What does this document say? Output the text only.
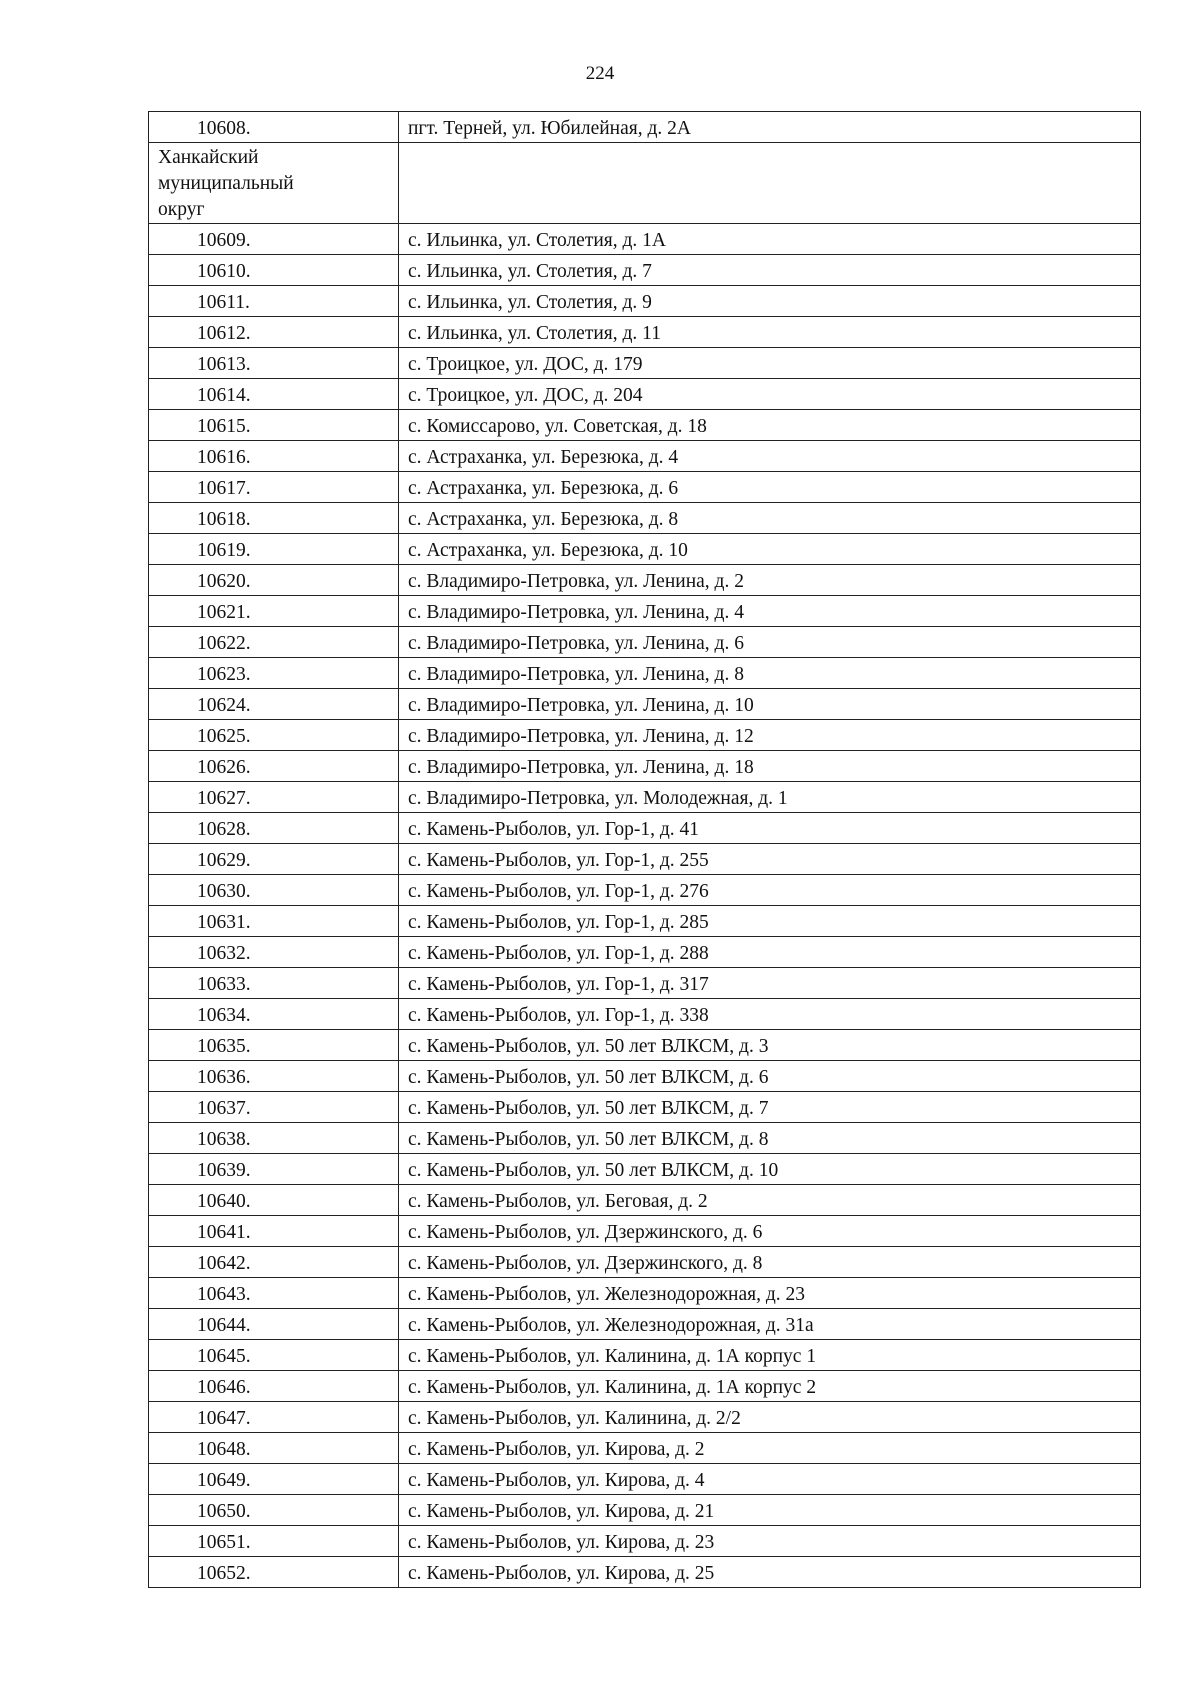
224
10608.	пгт. Терней, ул. Юбилейная, д. 2А

Ханкайский
муниципальный
округ	

10609.	с. Ильинка, ул. Столетия, д. 1А
10610.	с. Ильинка, ул. Столетия, д. 7
10611.	с. Ильинка, ул. Столетия, д. 9
10612.	с. Ильинка, ул. Столетия, д. 11
10613.	с. Троицкое, ул. ДОС, д. 179
10614.	с. Троицкое, ул. ДОС, д. 204
10615.	с. Комиссарово, ул. Советская, д. 18
10616.	с. Астраханка, ул. Березюка, д. 4
10617.	с. Астраханка, ул. Березюка, д. 6
10618.	с. Астраханка, ул. Березюка, д. 8
10619.	с. Астраханка, ул. Березюка, д. 10
10620.	с. Владимиро-Петровка, ул. Ленина, д. 2
10621.	с. Владимиро-Петровка, ул. Ленина, д. 4
10622.	с. Владимиро-Петровка, ул. Ленина, д. 6
10623.	с. Владимиро-Петровка, ул. Ленина, д. 8
10624.	с. Владимиро-Петровка, ул. Ленина, д. 10
10625.	с. Владимиро-Петровка, ул. Ленина, д. 12
10626.	с. Владимиро-Петровка, ул. Ленина, д. 18
10627.	с. Владимиро-Петровка, ул. Молодежная, д. 1
10628.	с. Камень-Рыболов, ул. Гор-1, д. 41
10629.	с. Камень-Рыболов, ул. Гор-1, д. 255
10630.	с. Камень-Рыболов, ул. Гор-1, д. 276
10631.	с. Камень-Рыболов, ул. Гор-1, д. 285
10632.	с. Камень-Рыболов, ул. Гор-1, д. 288
10633.	с. Камень-Рыболов, ул. Гор-1, д. 317
10634.	с. Камень-Рыболов, ул. Гор-1, д. 338
10635.	с. Камень-Рыболов, ул. 50 лет ВЛКСМ, д. 3
10636.	с. Камень-Рыболов, ул. 50 лет ВЛКСМ, д. 6
10637.	с. Камень-Рыболов, ул. 50 лет ВЛКСМ, д. 7
10638.	с. Камень-Рыболов, ул. 50 лет ВЛКСМ, д. 8
10639.	с. Камень-Рыболов, ул. 50 лет ВЛКСМ, д. 10
10640.	с. Камень-Рыболов, ул. Беговая, д. 2
10641.	с. Камень-Рыболов, ул. Дзержинского, д. 6
10642.	с. Камень-Рыболов, ул. Дзержинского, д. 8
10643.	с. Камень-Рыболов, ул. Железнодорожная, д. 23
10644.	с. Камень-Рыболов, ул. Железнодорожная, д. 31а
10645.	с. Камень-Рыболов, ул. Калинина, д. 1А корпус 1
10646.	с. Камень-Рыболов, ул. Калинина, д. 1А корпус 2
10647.	с. Камень-Рыболов, ул. Калинина, д. 2/2
10648.	с. Камень-Рыболов, ул. Кирова, д. 2
10649.	с. Камень-Рыболов, ул. Кирова, д. 4
10650.	с. Камень-Рыболов, ул. Кирова, д. 21
10651.	с. Камень-Рыболов, ул. Кирова, д. 23
10652.	с. Камень-Рыболов, ул. Кирова, д. 25
